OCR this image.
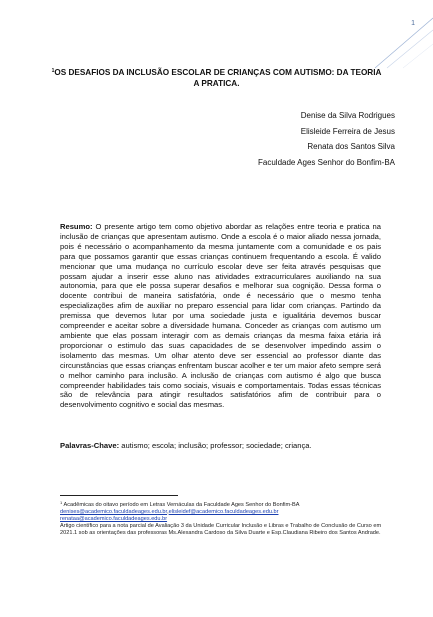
1
$^1$OS DESAFIOS DA INCLUSÃO ESCOLAR DE CRIANÇAS COM AUTISMO: DA TEORIA A PRATICA.
Denise da Silva Rodrigues
Elisleide Ferreira de Jesus
Renata dos Santos Silva
Faculdade Ages Senhor do Bonfim-BA
Resumo: O presente artigo tem como objetivo abordar as relações entre teoria e pratica na inclusão de crianças que apresentam autismo. Onde a escola é o maior aliado nessa jornada, pois é necessário o acompanhamento da mesma juntamente com a comunidade e os pais para que possamos garantir que essas crianças continuem frequentando a escola. É valido mencionar que uma mudança no currículo escolar deve ser feita através pesquisas que possam ajudar a inserir esse aluno nas atividades extracurriculares auxiliando na sua autonomia, para que ele possa superar desafios e melhorar sua cognição. Dessa forma o docente contribui de maneira satisfatória, onde é necessário que o mesmo tenha especializações afim de auxiliar no preparo essencial para lidar com crianças. Partindo da premissa que devemos lutar por uma sociedade justa e igualitária devemos buscar compreender e aceitar sobre a diversidade humana. Conceder as crianças com autismo um ambiente que elas possam interagir com as demais crianças da mesma faixa etária irá proporcionar o estimulo das suas capacidades de se desenvolver impedindo assim o isolamento das mesmas. Um olhar atento deve ser essencial ao professor diante das circunstâncias que essas crianças enfrentam buscar acolher e ter um maior afeto sempre será o melhor caminho para inclusão. A inclusão de crianças com autismo é algo que busca compreender habilidades tais como sociais, visuais e comportamentais. Todas essas técnicas são de relevância para atingir resultados satisfatórios afim de contribuir para o desenvolvimento cognitivo e social das mesmas.
Palavras-Chave: autismo; escola; inclusão; professor; sociedade; criança.
$^1$ Acadêmicas do oitavo período em Letras Vernáculas da Faculdade Ages Senhor do Bonfim-BA
denises@academico.faculdadeages.edu.br,elisleidef@academico.faculdadeages.edu.br
renataa@academico.faculdadeages.edu.br
Artigo científico para a nota parcial de Avaliação 3 da Unidade Curricular Inclusão e Libras e Trabalho de Conclusão de Curso em 2021.1 sob as orientações das professoras Ms.Alexandra Cardoso da Silva Duarte e Esp.Claudiana Ribeiro dos Santos Andrade.
